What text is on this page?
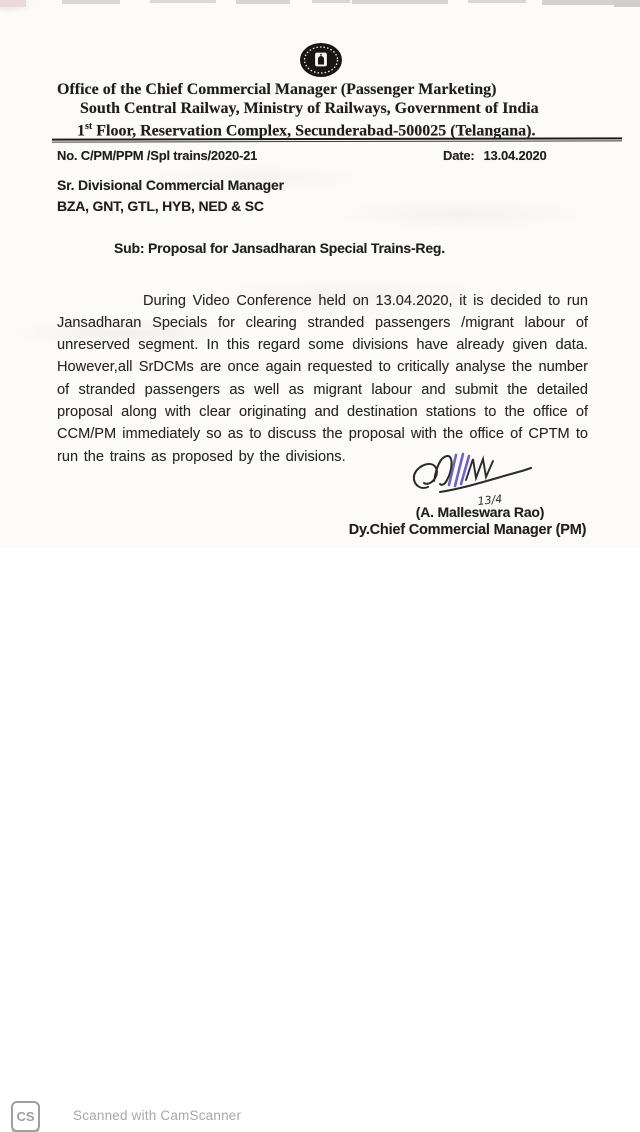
Office of the Chief Commercial Manager (Passenger Marketing)
South Central Railway, Ministry of Railways, Government of India
1st Floor, Reservation Complex, Secunderabad-500025 (Telangana).
No. C/PM/PPM /Spl trains/2020-21	Date: 13.04.2020
Sr. Divisional Commercial Manager
BZA, GNT, GTL, HYB, NED & SC
Sub: Proposal for Jansadharan Special Trains-Reg.

During Video Conference held on 13.04.2020, it is decided to run Jansadharan Specials for clearing stranded passengers /migrant labour of unreserved segment. In this regard some divisions have already given data. However,all SrDCMs are once again requested to critically analyse the number of stranded passengers as well as migrant labour and submit the detailed proposal along with clear originating and destination stations to the office of CCM/PM immediately so as to discuss the proposal with the office of CPTM to run the trains as proposed by the divisions.

13/4
(A. Malleswara Rao)
Dy.Chief Commercial Manager (PM)
CS	Scanned with CamScanner
